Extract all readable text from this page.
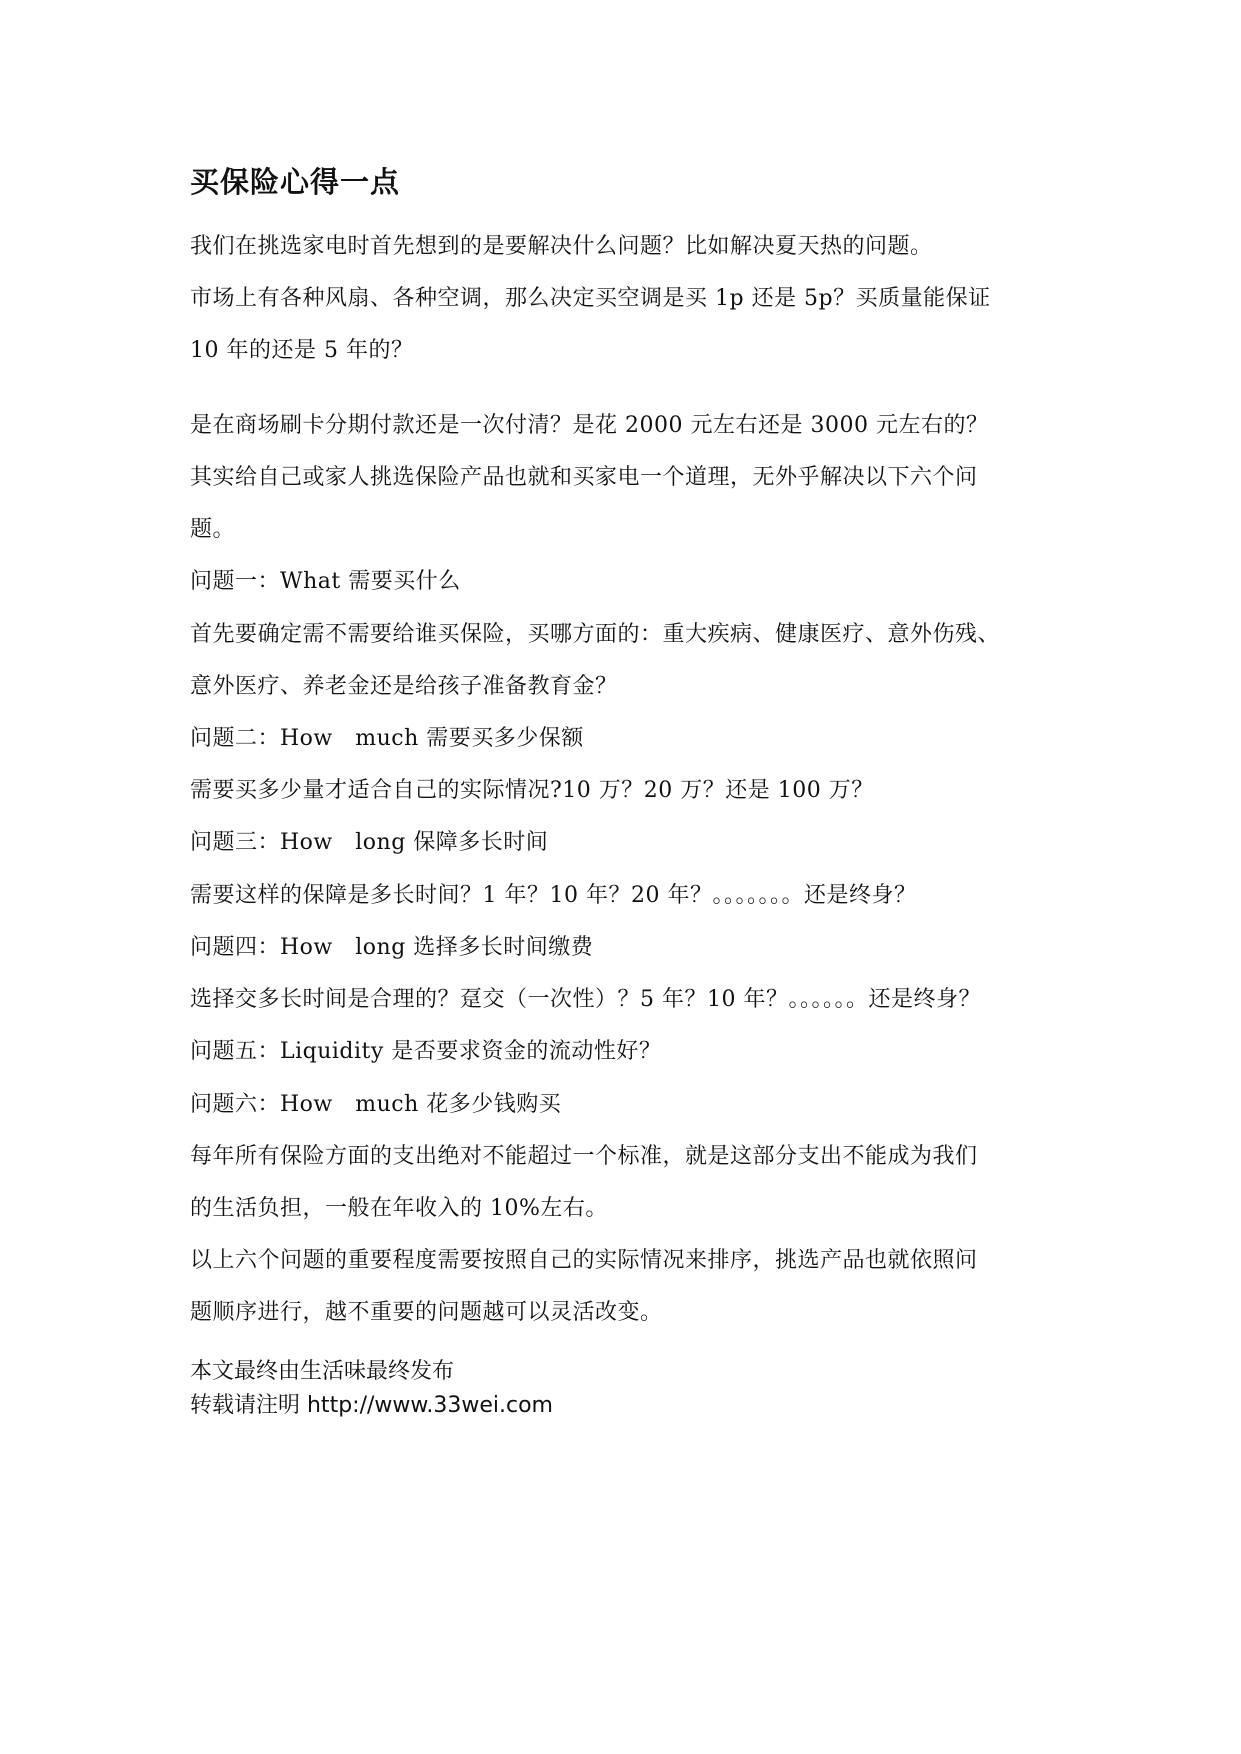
买保险心得一点
我们在挑选家电时首先想到的是要解决什么问题？比如解决夏天热的问题。
市场上有各种风扇、各种空调，那么决定买空调是买 1p 还是 5p？买质量能保证
10 年的还是 5 年的？
是在商场刷卡分期付款还是一次付清？是花 2000 元左右还是 3000 元左右的？
其实给自己或家人挑选保险产品也就和买家电一个道理，无外乎解决以下六个问
题。
问题一：What 需要买什么
首先要确定需不需要给谁买保险，买哪方面的：重大疾病、健康医疗、意外伤残、
意外医疗、养老金还是给孩子准备教育金？
问题二：How　much 需要买多少保额
需要买多少量才适合自己的实际情况?10 万？20 万？还是 100 万？
问题三：How　long 保障多长时间
需要这样的保障是多长时间？1 年？10 年？20 年？。。。。。。。还是终身？
问题四：How　long 选择多长时间缴费
选择交多长时间是合理的？趸交（一次性）？5 年？10 年？。。。。。。还是终身？
问题五：Liquidity 是否要求资金的流动性好？
问题六：How　much 花多少钱购买
每年所有保险方面的支出绝对不能超过一个标准，就是这部分支出不能成为我们
的生活负担，一般在年收入的 10%左右。
以上六个问题的重要程度需要按照自己的实际情况来排序，挑选产品也就依照问
题顺序进行，越不重要的问题越可以灵活改变。
本文最终由生活味最终发布
转载请注明 http://www.33wei.com
